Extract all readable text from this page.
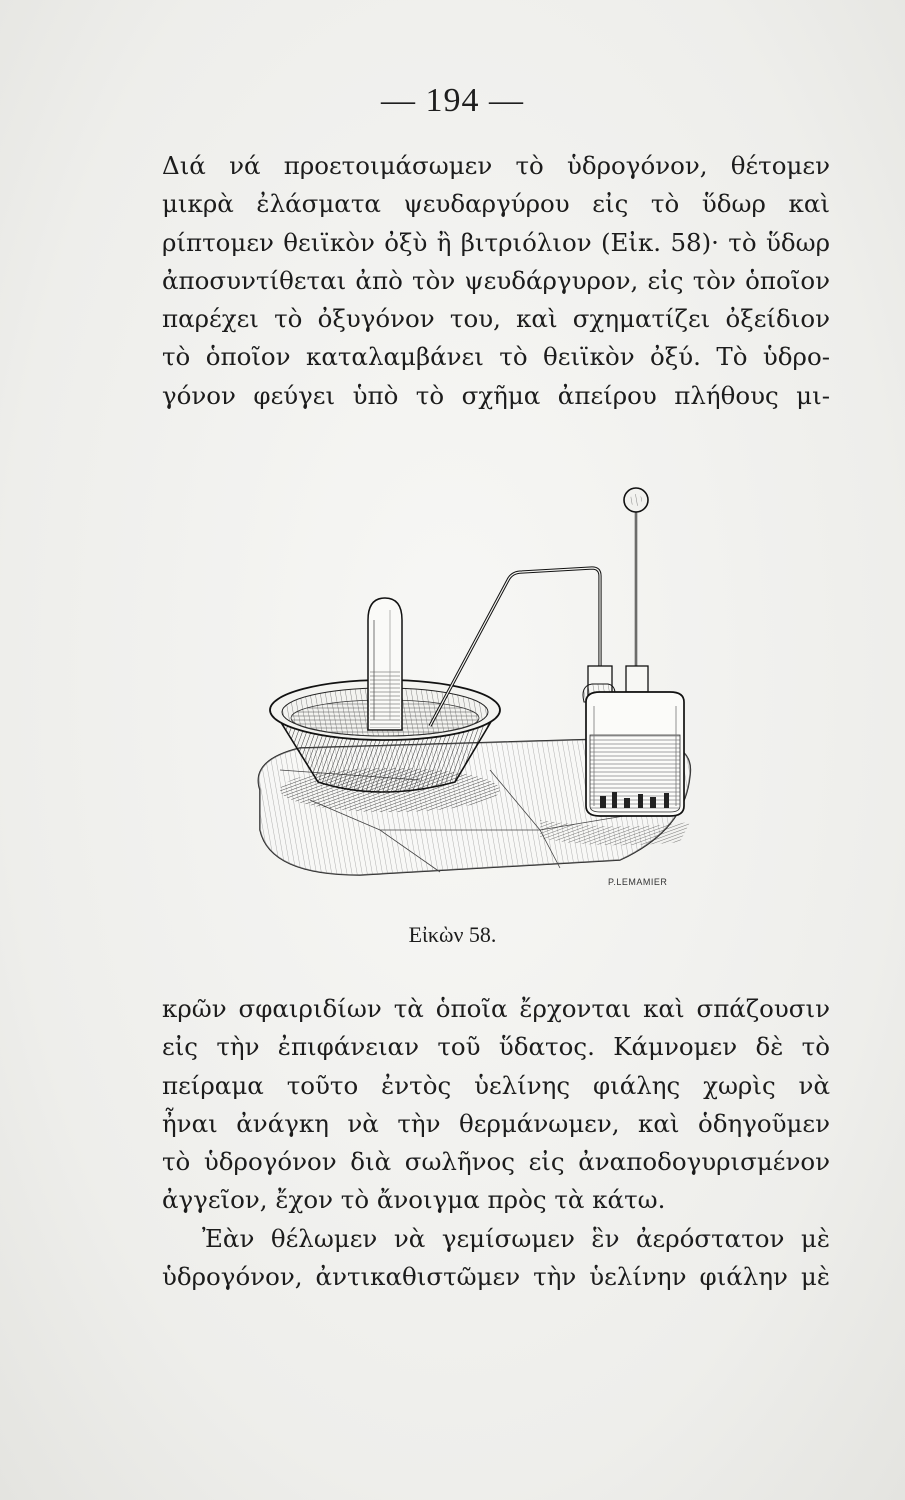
— 194 —
Διά νά προετοιμάσωμεν τὸ ὑδρογόνον, θέτομεν
μικρὰ ἐλάσματα ψευδαργύρου εἰς τὸ ὕδωρ καὶ
ρίπτομεν θειϊκὸν ὀξὺ ἢ βιτριόλιον (Εἰκ. 58)· τὸ ὕδωρ
ἀποσυντίθεται ἀπὸ τὸν ψευδάργυρον, εἰς τὸν ὁποῖον
παρέχει τὸ ὀξυγόνον του, καὶ σχηματίζει ὀξείδιον
τὸ ὁποῖον καταλαμβάνει τὸ θειϊκὸν ὀξύ. Τὸ ὑδρο-
γόνον φεύγει ὑπὸ τὸ σχῆμα ἀπείρου πλήθους μι-
P.LEMAMIER
Εἰκὼν 58.
κρῶν σφαιριδίων τὰ ὁποῖα ἔρχονται καὶ σπάζουσιν
εἰς τὴν ἐπιφάνειαν τοῦ ὕδατος. Κάμνομεν δὲ τὸ
πείραμα τοῦτο ἐντὸς ὑελίνης φιάλης χωρὶς νὰ
ἦναι ἀνάγκη νὰ τὴν θερμάνωμεν, καὶ ὁδηγοῦμεν
τὸ ὑδρογόνον διὰ σωλῆνος εἰς ἀναποδογυρισμένον
ἀγγεῖον, ἔχον τὸ ἄνοιγμα πρὸς τὰ κάτω.
Ἐὰν θέλωμεν νὰ γεμίσωμεν ἓν ἀερόστατον μὲ
ὑδρογόνον, ἀντικαθιστῶμεν τὴν ὑελίνην φιάλην μὲ
